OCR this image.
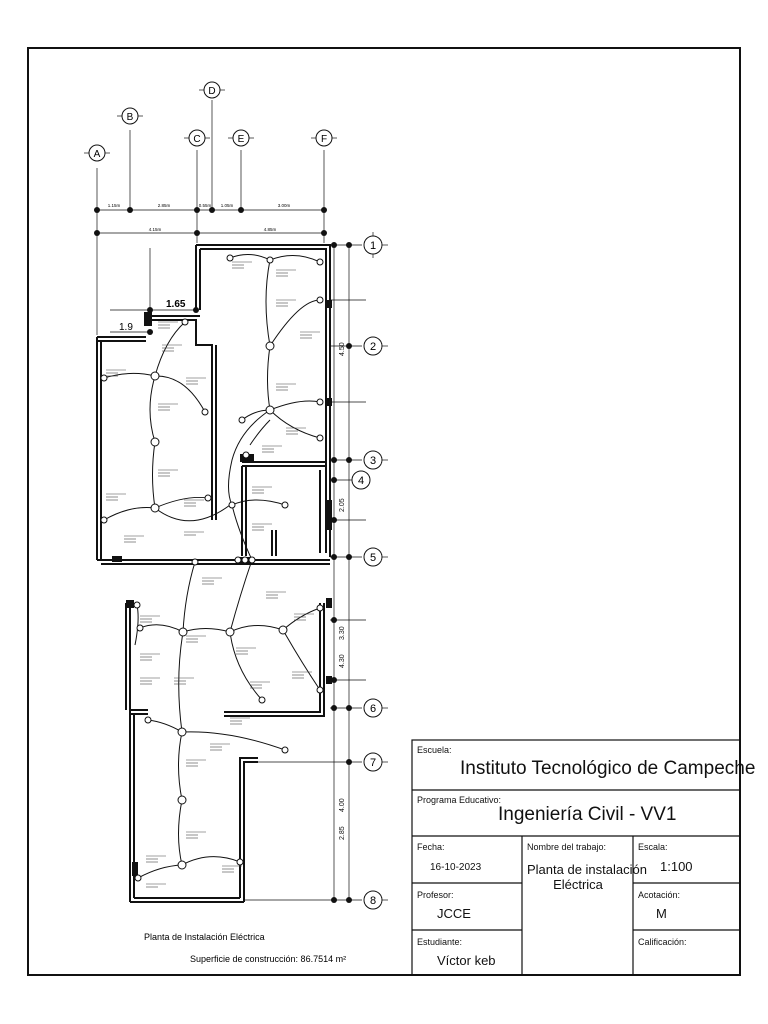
A
B
C
D
E	F
1.15m	2.85m	0.55m 1.05m	3.00m
4.15m	4.85m
1.65
1.9
4.50
2.05
3.30
4.30
4.00
2.85
1
2
3
4
5
6
7
8
Planta de Instalación Eléctrica
Superficie de construcción: 86.7514 m²
Escuela:
Instituto Tecnológico de Campeche
Programa Educativo:
Ingeniería Civil - VV1
Fecha:
16-10-2023
Nombre del trabajo:
Planta de instalación
Eléctrica
Escala:
1:100
Profesor:
JCCE
Acotación:
M
Estudiante:
Víctor keb
Calificación:
